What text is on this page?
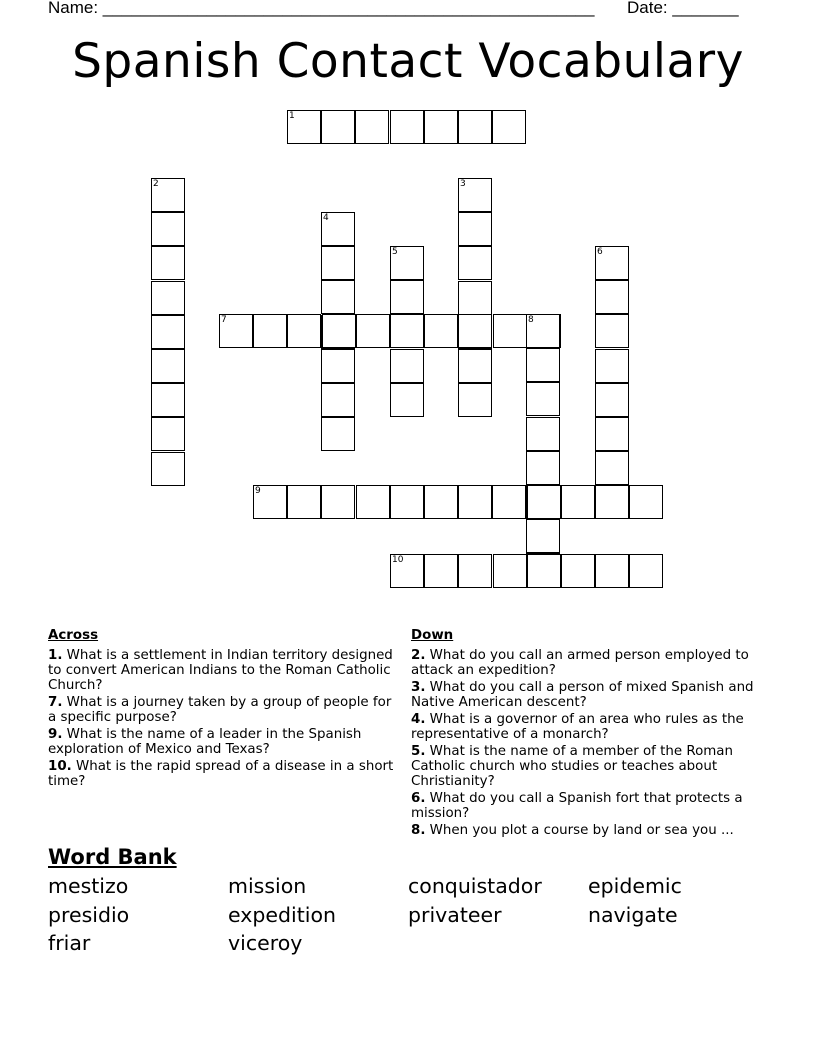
Name: ____________________________________________________ Date: _______
Spanish Contact Vocabulary
1
2	3
4
5	6
7	8
9
10
Across
1. What is a settlement in Indian territory designed to convert American Indians to the Roman Catholic Church?
7. What is a journey taken by a group of people for a specific purpose?
9. What is the name of a leader in the Spanish exploration of Mexico and Texas?
10. What is the rapid spread of a disease in a short time?
Down
2. What do you call an armed person employed to attack an expedition?
3. What do you call a person of mixed Spanish and Native American descent?
4. What is a governor of an area who rules as the representative of a monarch?
5. What is the name of a member of the Roman Catholic church who studies or teaches about Christianity?
6. What do you call a Spanish fort that protects a mission?
8. When you plot a course by land or sea you ...
Word Bank
mestizo	mission	conquistador epidemic
presidio	expedition	privateer	navigate
friar	viceroy
